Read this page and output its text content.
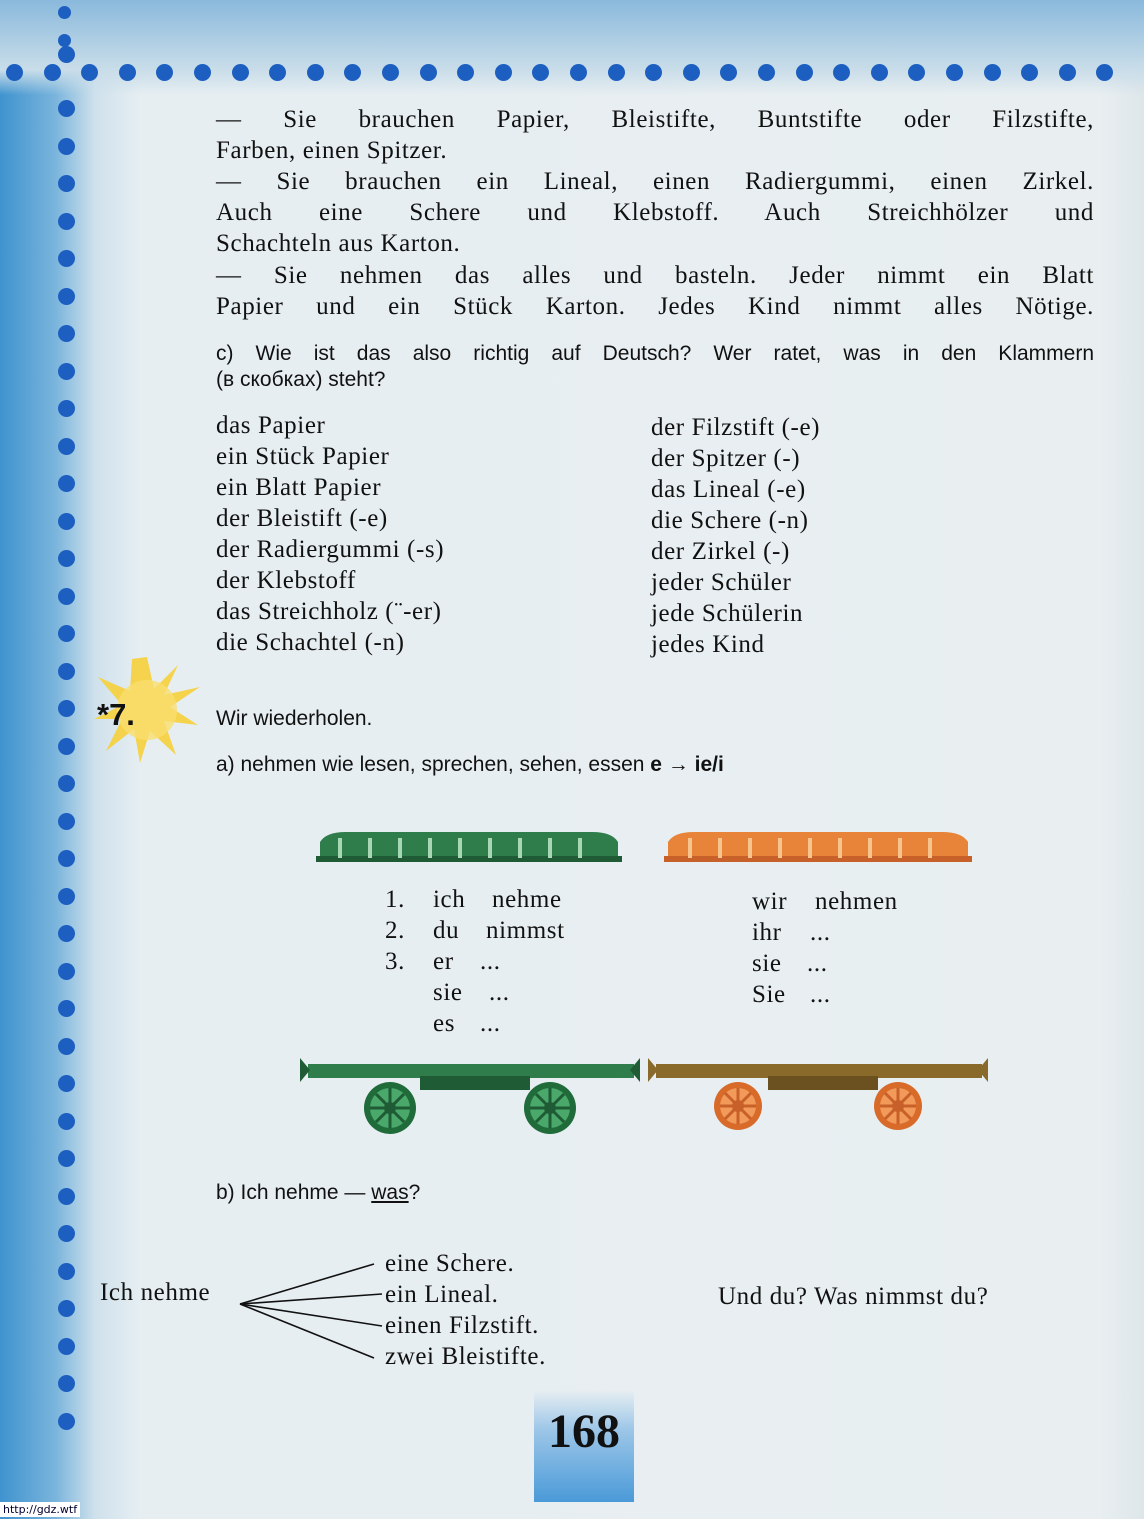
— Sie brauchen Papier, Bleistifte, Buntstifte oder Filzstifte,
Farben, einen Spitzer.
— Sie brauchen ein Lineal, einen Radiergummi, einen Zirkel.
Auch eine Schere und Klebstoff. Auch Streichhölzer und
Schachteln aus Karton.
— Sie nehmen das alles und basteln. Jeder nimmt ein Blatt
Papier und ein Stück Karton. Jedes Kind nimmt alles Nötige.
c) Wie ist das also richtig auf Deutsch? Wer ratet, was in den Klammern
(в скобках) steht?
das Papier
ein Stück Papier
ein Blatt Papier
der Bleistift (-e)
der Radiergummi (-s)
der Klebstoff
das Streichholz (¨-er)
die Schachtel (-n)
der Filzstift (-e)
der Spitzer (-)
das Lineal (-e)
die Schere (-n)
der Zirkel (-)
jeder Schüler
jede Schülerin
jedes Kind
*7.	Wir wiederholen.
a) nehmen wie lesen, sprechen, sehen, essen e → ie/i
1. ich nehme
2. du nimmst
3. er ...
sie ...
es ...
wir nehmen
ihr ...
sie ...
Sie ...
b) Ich nehme — was?
Ich nehme
eine Schere.
ein Lineal.
einen Filzstift.
zwei Bleistifte.
Und du? Was nimmst du?
168
http://gdz.wtf
